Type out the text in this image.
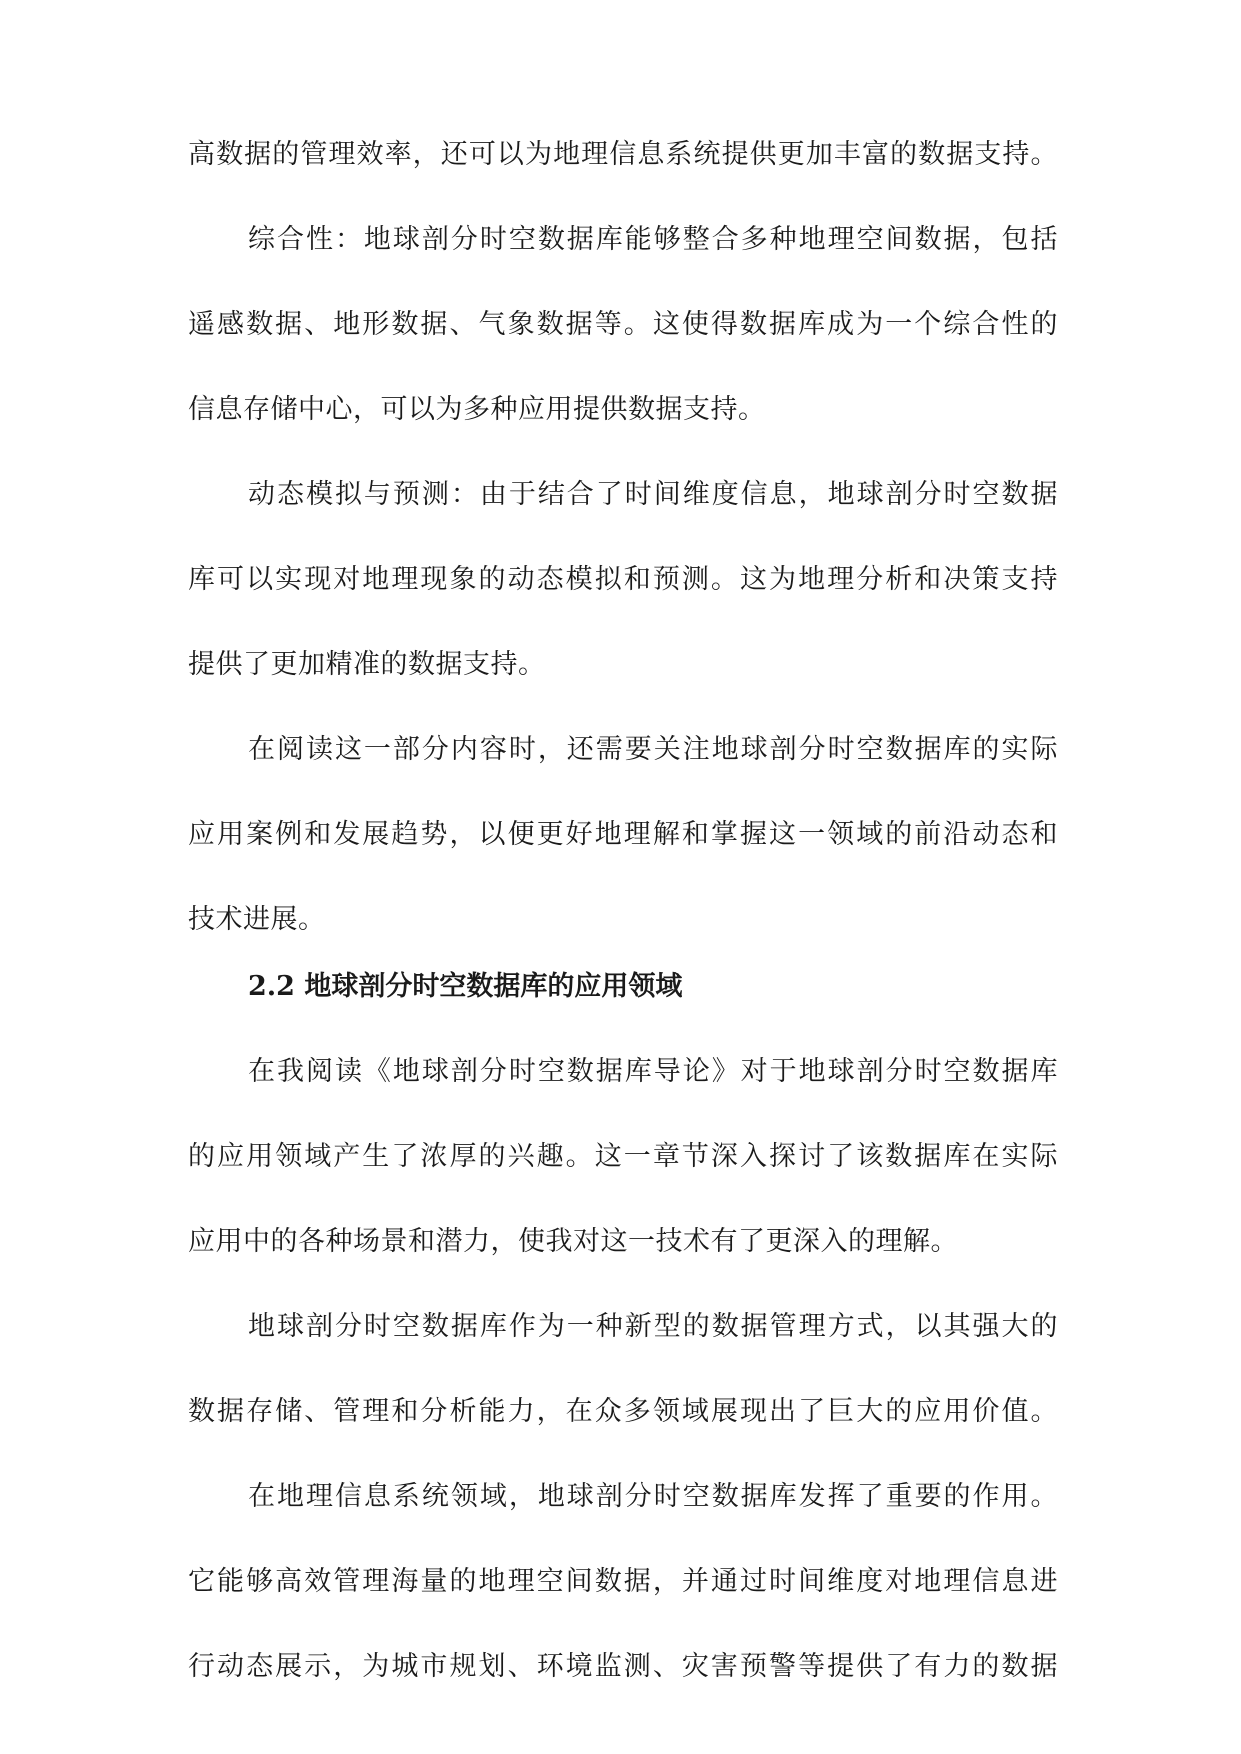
高数据的管理效率，还可以为地理信息系统提供更加丰富的数据支持。
综合性：地球剖分时空数据库能够整合多种地理空间数据，包括
遥感数据、地形数据、气象数据等。这使得数据库成为一个综合性的
信息存储中心，可以为多种应用提供数据支持。
动态模拟与预测：由于结合了时间维度信息，地球剖分时空数据
库可以实现对地理现象的动态模拟和预测。这为地理分析和决策支持
提供了更加精准的数据支持。
在阅读这一部分内容时，还需要关注地球剖分时空数据库的实际
应用案例和发展趋势，以便更好地理解和掌握这一领域的前沿动态和
技术进展。
2.2 地球剖分时空数据库的应用领域
在我阅读《地球剖分时空数据库导论》对于地球剖分时空数据库
的应用领域产生了浓厚的兴趣。这一章节深入探讨了该数据库在实际
应用中的各种场景和潜力，使我对这一技术有了更深入的理解。
地球剖分时空数据库作为一种新型的数据管理方式，以其强大的
数据存储、管理和分析能力，在众多领域展现出了巨大的应用价值。
在地理信息系统领域，地球剖分时空数据库发挥了重要的作用。
它能够高效管理海量的地理空间数据，并通过时间维度对地理信息进
行动态展示，为城市规划、环境监测、灾害预警等提供了有力的数据
